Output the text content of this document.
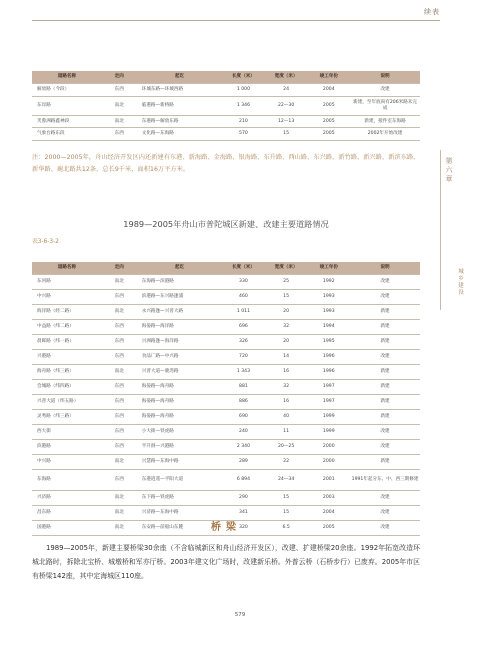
续表
道路名称	走向	起讫	长度（米）	宽度（米）	竣工年份	说明
解放路（今段）	东西	环城东路—环城西路	1 000	24	2004	改建
东岸路	南北	临港路—新桥路	1 346	22—30	2005	新建，至年底尚有206米路未完成
芙蓉洲路鑫神段	南北	东港路—解放东路	210	12—13	2005	新建，接件室东海路
气象台路东段	东西	文化路—东海路	570	15	2005	2002年开始改建
注：2000—2005年，舟山经济开发区内还新建有东港、新海路、金海路、银海路、东升路、西山路、东兴路、新竹路、新兴路、新滨东路、新华路、鹿北路共12条，总长9千米，面积16万平方米。
1989—2005年舟山市普陀城区新建、改建主要道路情况
表3-6-3-2
道路名称	走向	起讫	长度（米）	宽度（米）	竣工年份	说明
东河路	南北	东海路—滨港路	330	25	1992	改建
中兴路	东西	滨港路—东兴路逢浦	460	15	1993	改建
海洋路（经二路）	南北	永兴路逢—兴普大路	1 011	20	1993	新建
中益路（纬二路）	东西	海晏路—海洋路	696	32	1994	新建
晨晖路（纬一路）	东西	兴洲路逢—海洋路	326	20	1995	新建
兴港路	东西	食品厂路—中兴路	720	14	1996	改建
海舟路（纬三路）	南北	兴普大道—鹿湾路	1 343	16	1996	新建
会城路（纬四路）	东西	海晏路—海舟路	881	32	1997	新建
兴普大道（纬五路）	东西	海晏路—海舟路	886	16	1997	新建
灵秀路（纬三路）	东西	海晏路—海舟路	690	40	1999	新建
西大街	东西	小大街—铁虎路	240	11	1999	改建
滨港路	东西	半升洞—兴港路	2 340	20—25	2000	改建
中兴路	南北	兴慧路—东海中路	289	22	2000	新建
东海路	东西	东港逍遥—平阳大道	6 894	24—34	2001	1991年起分东、中、西三期修建
兴济路	南北	东下路—铁虎路	290	15	2003	改建
昌东路	南北	兴济路—东海中路	341	15	2004	改建
国港路	南北	东安路—前船山东麓	320	6.5	2005	改建
桥梁
1989—2005年，新建主要桥梁30余座（不含临城新区和舟山经济开发区），改建、扩建桥梁20余座。1992年拓宽改造环城北路时，拆除北宝桥、城墩桥和军亦厅桥。2003年建文化广场时，改建新乐桥。外普云桥（石桥步行）已废弃。2005年市区有桥梁142座，其中定海城区110座。
579
第六章
城乡建设
